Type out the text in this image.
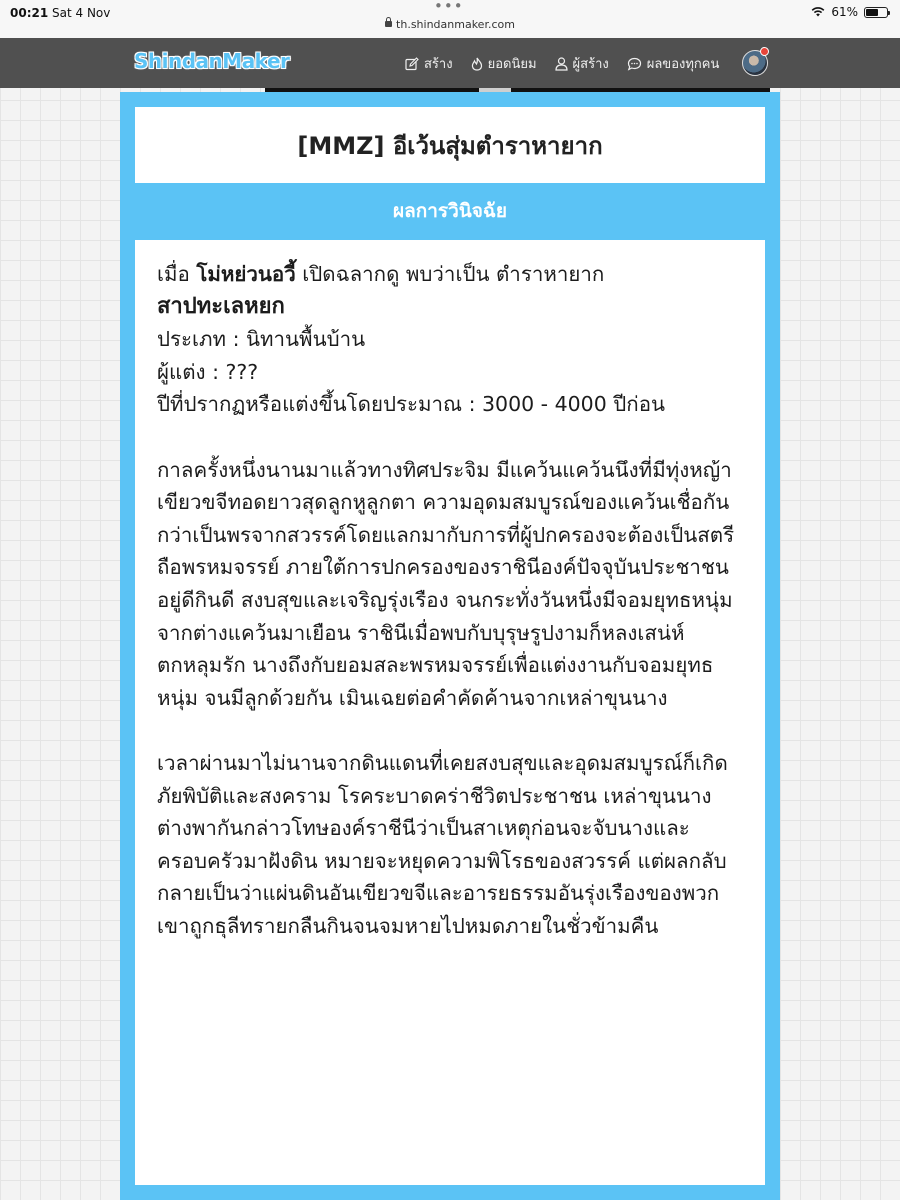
00:21 Sat 4 Nov	•••
th.shindanmaker.com
61%
ShindanMaker	สร้าง	ยอดนิยม	ผู้สร้าง	ผลของทุกคน
[MMZ] อีเว้นสุ่มตำราหายาก
ผลการวินิจฉัย

เมื่อ โม่หย่วนอวี้ เปิดฉลากดู พบว่าเป็น ตำราหายาก

สาปทะเลหยก

ประเภท : นิทานพื้นบ้าน

ผู้แต่ง : ???

ปีที่ปรากฏหรือแต่งขึ้นโดยประมาณ : 3000 - 4000 ปีก่อน

กาลครั้งหนึ่งนานมาแล้วทางทิศประจิม มีแคว้นแคว้นนึงที่มีทุ่งหญ้าเขียวขจีทอดยาวสุดลูกหูลูกตา ความอุดมสมบูรณ์ของแคว้นเชื่อกันกว่าเป็นพรจากสวรรค์โดยแลกมากับการที่ผู้ปกครองจะต้องเป็นสตรีถือพรหมจรรย์ ภายใต้การปกครองของราชินีองค์ปัจจุบันประชาชนอยู่ดีกินดี สงบสุขและเจริญรุ่งเรือง จนกระทั่งวันหนึ่งมีจอมยุทธหนุ่มจากต่างแคว้นมาเยือน ราชินีเมื่อพบกับบุรุษรูปงามก็หลงเสน่ห์ตกหลุมรัก นางถึงกับยอมสละพรหมจรรย์เพื่อแต่งงานกับจอมยุทธหนุ่ม จนมีลูกด้วยกัน เมินเฉยต่อคำคัดค้านจากเหล่าขุนนาง

เวลาผ่านมาไม่นานจากดินแดนที่เคยสงบสุขและอุดมสมบูรณ์ก็เกิดภัยพิบัติและสงคราม โรคระบาดคร่าชีวิตประชาชน เหล่าขุนนางต่างพากันกล่าวโทษองค์ราชีนีว่าเป็นสาเหตุก่อนจะจับนางและครอบครัวมาฝังดิน หมายจะหยุดความพิโรธของสวรรค์ แต่ผลกลับกลายเป็นว่าแผ่นดินอันเขียวขจีและอารยธรรมอันรุ่งเรืองของพวกเขาถูกธุลีทรายกลืนกินจนจมหายไปหมดภายในชั่วข้ามคืน
